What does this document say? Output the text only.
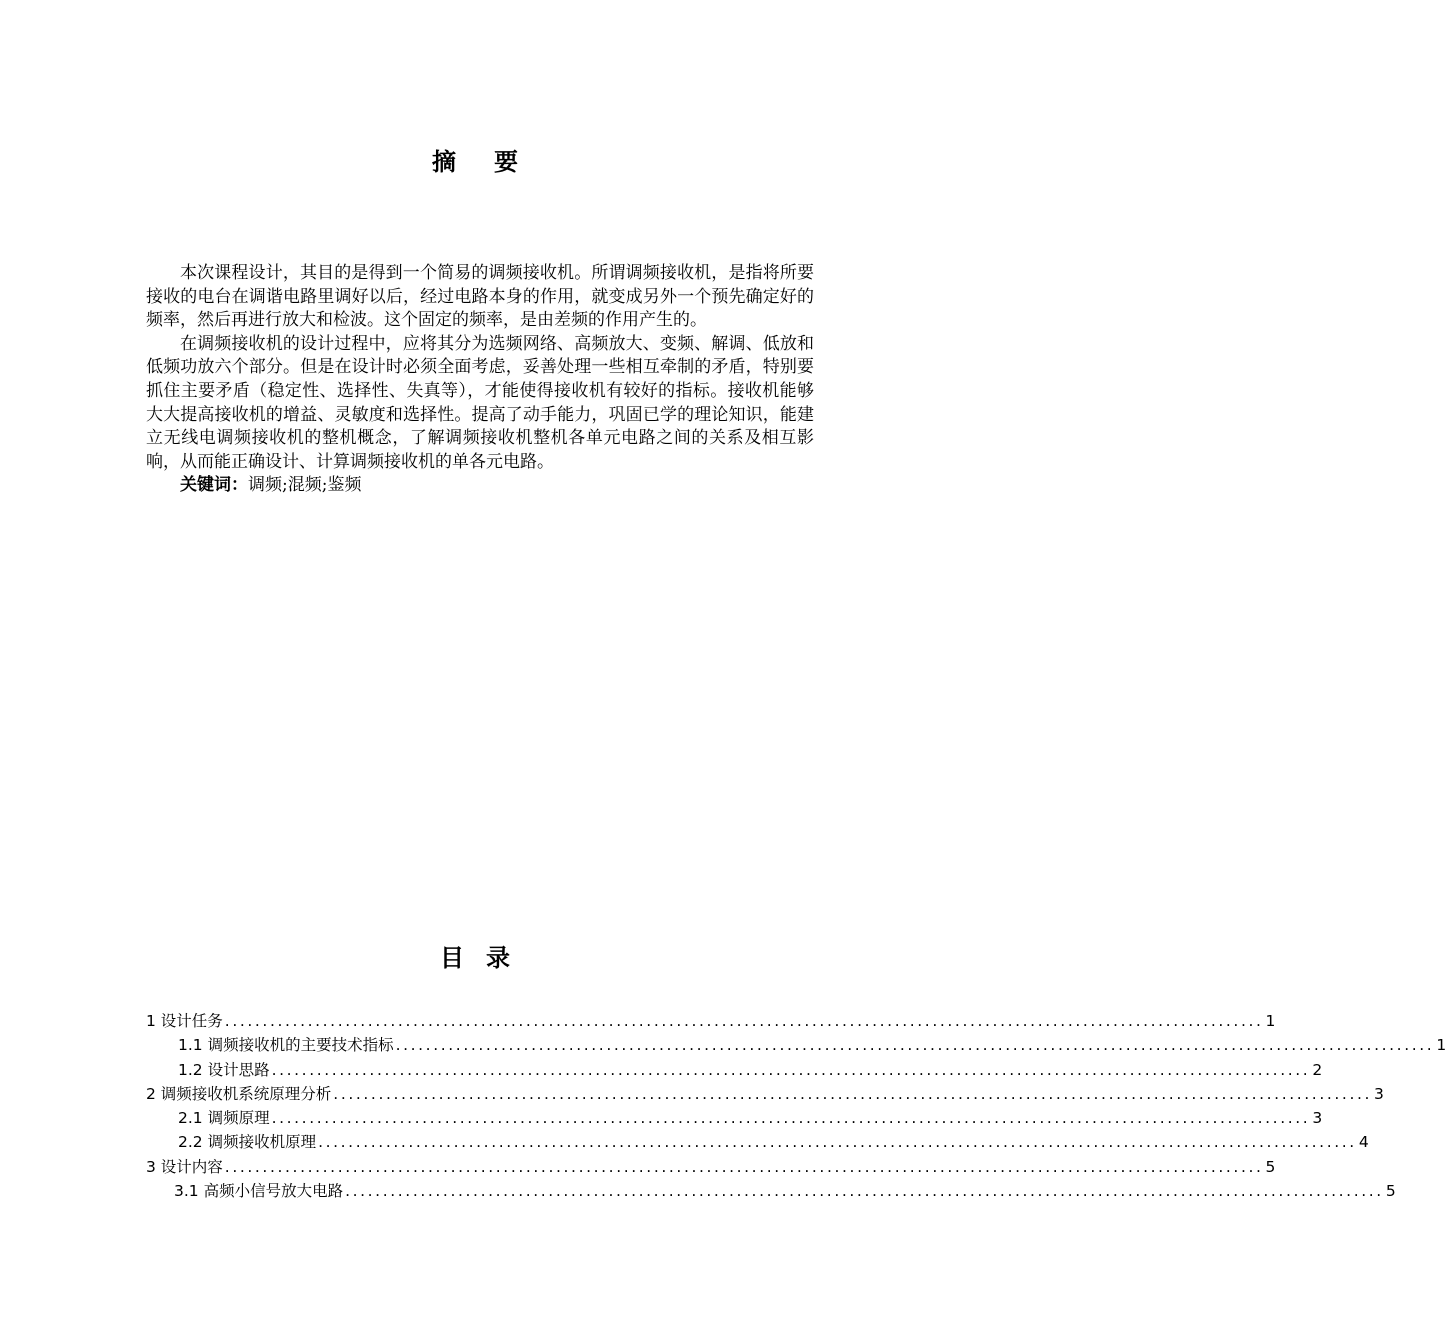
摘要

本次课程设计，其目的是得到一个简易的调频接收机。所谓调频接收机，是指将所要接收的电台在调谐电路里调好以后，经过电路本身的作用，就变成另外一个预先确定好的频率，然后再进行放大和检波。这个固定的频率，是由差频的作用产生的。

在调频接收机的设计过程中，应将其分为选频网络、高频放大、变频、解调、低放和低频功放六个部分。但是在设计时必须全面考虑，妥善处理一些相互牵制的矛盾，特别要抓住主要矛盾（稳定性、选择性、失真等），才能使得接收机有较好的指标。接收机能够大大提高接收机的增益、灵敏度和选择性。提高了动手能力，巩固已学的理论知识，能建立无线电调频接收机的整机概念，了解调频接收机整机各单元电路之间的关系及相互影响，从而能正确设计、计算调频接收机的单各元电路。

关键词：调频;混频;鉴频

目录
1 设计任务 .......................................................................................................................................... 1
1.1 调频接收机的主要技术指标 .......................................................................................................................................... 1
1.2 设计思路 .......................................................................................................................................... 2
2 调频接收机系统原理分析 .......................................................................................................................................... 3
2.1 调频原理 .......................................................................................................................................... 3
2.2 调频接收机原理 .......................................................................................................................................... 4
3 设计内容 .......................................................................................................................................... 5
3.1 高频小信号放大电路 .......................................................................................................................................... 5
